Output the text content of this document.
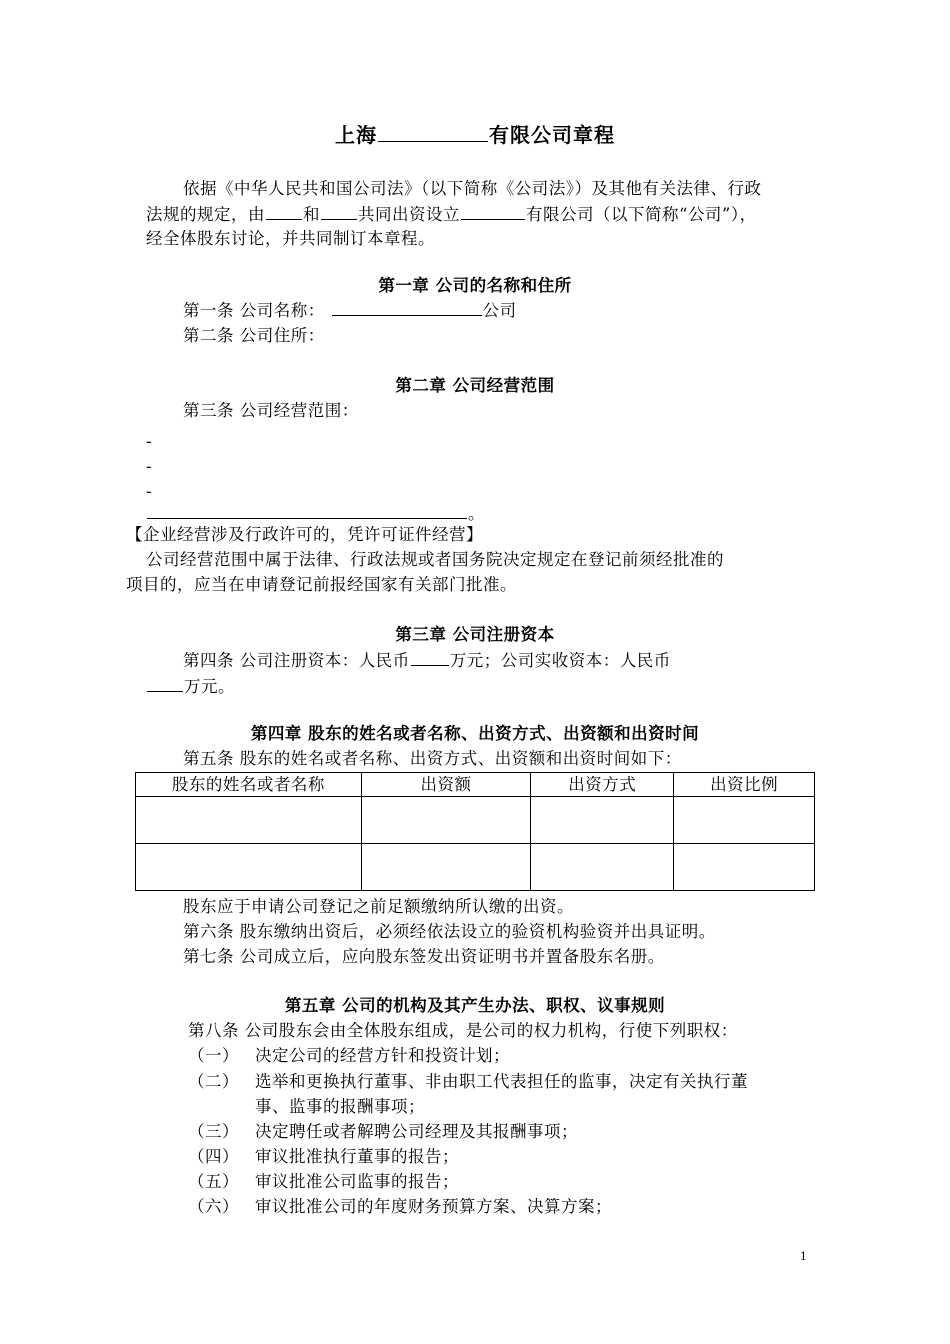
上海	有限公司章程
依据《中华人民共和国公司法》（以下简称《公司法》）及其他有关法律、行政
法规的规定，由 和 共同出资设立	有限公司（以下简称“公司”），
经全体股东讨论，并共同制订本章程。
第一章 公司的名称和住所
第一条 公司名称：	公司
第二条 公司住所：
第二章 公司经营范围
第三条 公司经营范围：
-
-
-
。
【企业经营涉及行政许可的，凭许可证件经营】
公司经营范围中属于法律、行政法规或者国务院决定规定在登记前须经批准的
项目的，应当在申请登记前报经国家有关部门批准。
第三章 公司注册资本
第四条 公司注册资本：人民币 万元；公司实收资本：人民币
万元。
第四章 股东的姓名或者名称、出资方式、出资额和出资时间
第五条 股东的姓名或者名称、出资方式、出资额和出资时间如下：
股东的姓名或者名称	出资额	出资方式	出资比例

股东应于申请公司登记之前足额缴纳所认缴的出资。
第六条 股东缴纳出资后，必须经依法设立的验资机构验资并出具证明。
第七条 公司成立后，应向股东签发出资证明书并置备股东名册。
第五章 公司的机构及其产生办法、职权、议事规则
第八条 公司股东会由全体股东组成，是公司的权力机构，行使下列职权：
（一） 决定公司的经营方针和投资计划；
（二） 选举和更换执行董事、非由职工代表担任的监事，决定有关执行董
事、监事的报酬事项；
（三） 决定聘任或者解聘公司经理及其报酬事项；
（四） 审议批准执行董事的报告；
（五） 审议批准公司监事的报告；
（六） 审议批准公司的年度财务预算方案、决算方案；
1
